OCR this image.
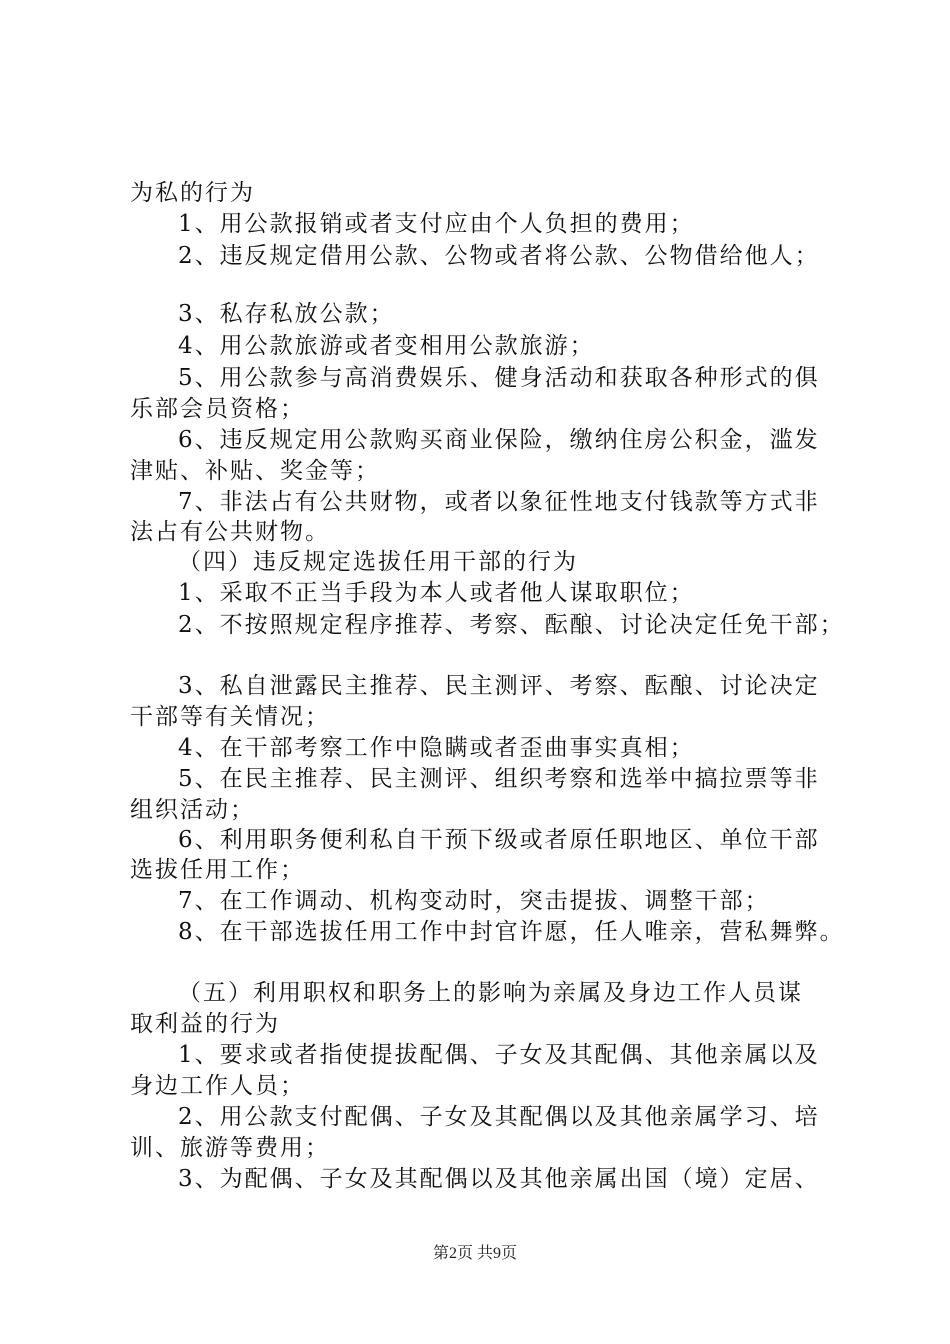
为私的行为
1、用公款报销或者支付应由个人负担的费用；
2、违反规定借用公款、公物或者将公款、公物借给他人；
3、私存私放公款；
4、用公款旅游或者变相用公款旅游；
5、用公款参与高消费娱乐、健身活动和获取各种形式的俱
乐部会员资格；
6、违反规定用公款购买商业保险，缴纳住房公积金，滥发
津贴、补贴、奖金等；
7、非法占有公共财物，或者以象征性地支付钱款等方式非
法占有公共财物。
（四）违反规定选拔任用干部的行为
1、采取不正当手段为本人或者他人谋取职位；
2、不按照规定程序推荐、考察、酝酿、讨论决定任免干部；
3、私自泄露民主推荐、民主测评、考察、酝酿、讨论决定
干部等有关情况；
4、在干部考察工作中隐瞒或者歪曲事实真相；
5、在民主推荐、民主测评、组织考察和选举中搞拉票等非
组织活动；
6、利用职务便利私自干预下级或者原任职地区、单位干部
选拔任用工作；
7、在工作调动、机构变动时，突击提拔、调整干部；
8、在干部选拔任用工作中封官许愿，任人唯亲，营私舞弊。
（五）利用职权和职务上的影响为亲属及身边工作人员谋
取利益的行为
1、要求或者指使提拔配偶、子女及其配偶、其他亲属以及
身边工作人员；
2、用公款支付配偶、子女及其配偶以及其他亲属学习、培
训、旅游等费用；
3、为配偶、子女及其配偶以及其他亲属出国（境）定居、
第2页 共9页
